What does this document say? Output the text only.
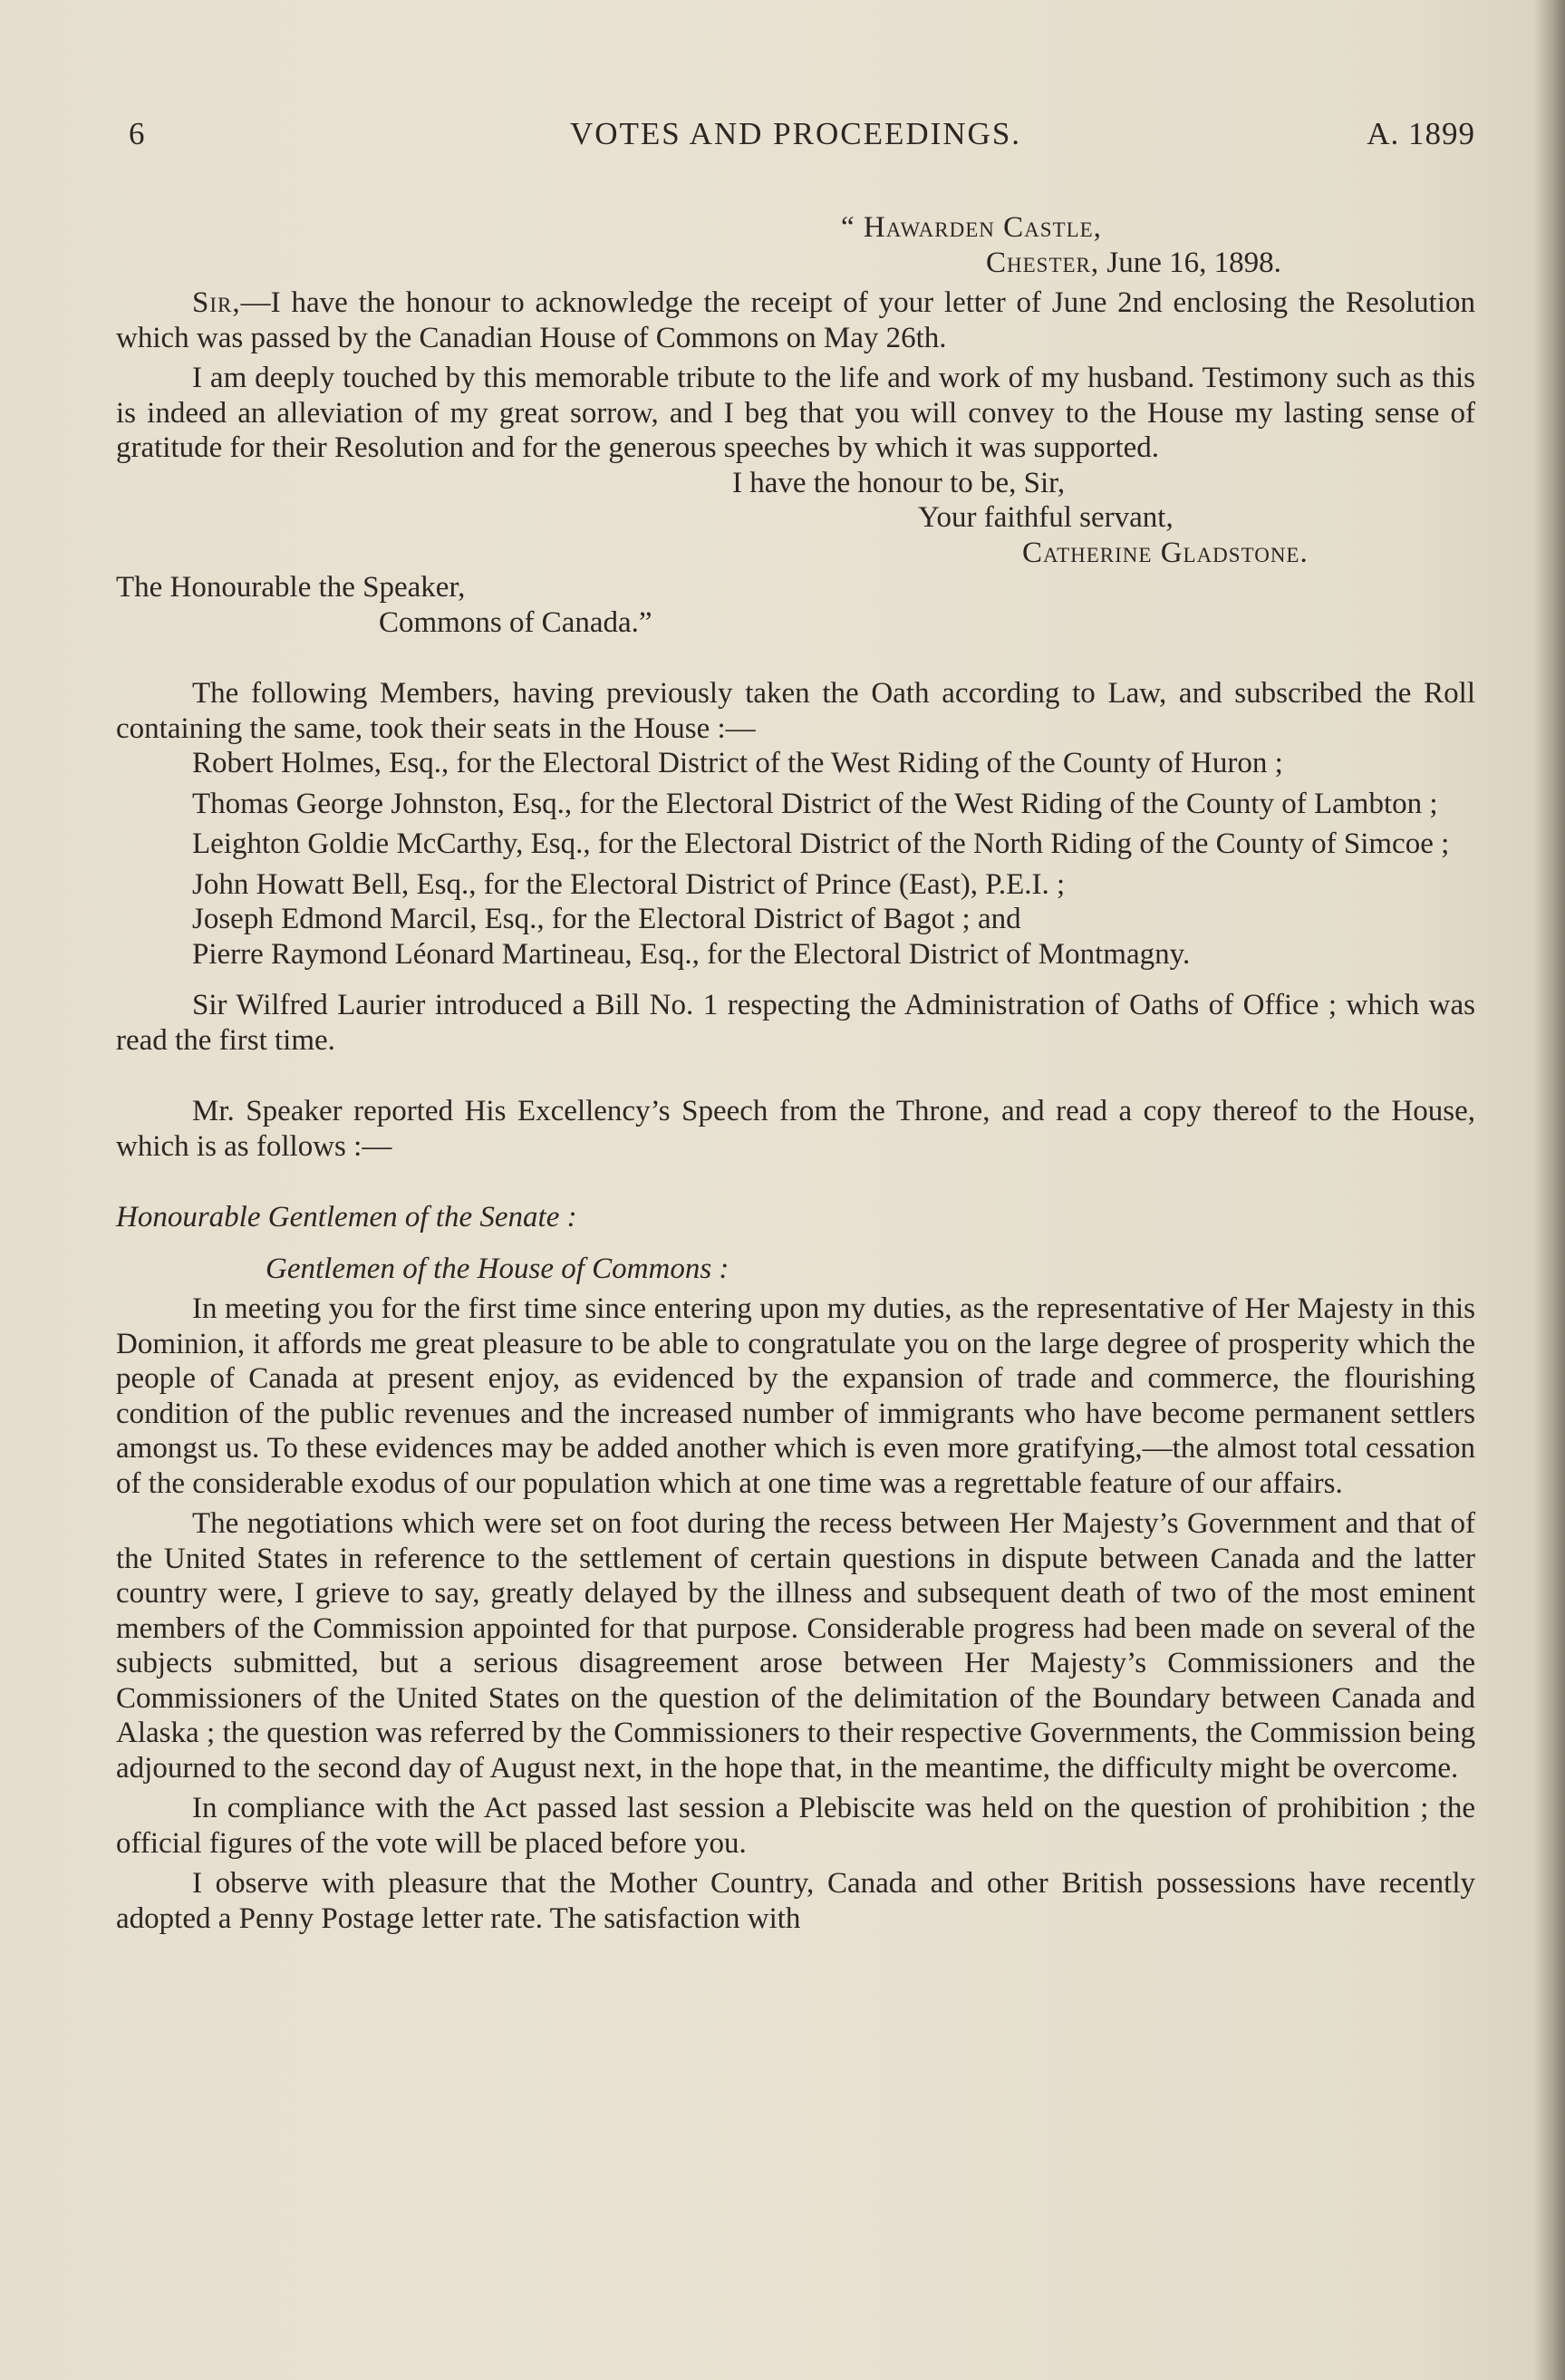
6	VOTES AND PROCEEDINGS.	A. 1899

“ Hawarden Castle,

Chester, June 16, 1898.

Sir,—I have the honour to acknowledge the receipt of your letter of June 2nd enclosing the Resolution which was passed by the Canadian House of Commons on May 26th.

I am deeply touched by this memorable tribute to the life and work of my husband. Testimony such as this is indeed an alleviation of my great sorrow, and I beg that you will convey to the House my lasting sense of gratitude for their Resolution and for the generous speeches by which it was supported.

I have the honour to be, Sir,

Your faithful servant,

Catherine Gladstone.

The Honourable the Speaker,

Commons of Canada.”

The following Members, having previously taken the Oath according to Law, and subscribed the Roll containing the same, took their seats in the House :—

Robert Holmes, Esq., for the Electoral District of the West Riding of the County of Huron ;

Thomas George Johnston, Esq., for the Electoral District of the West Riding of the County of Lambton ;

Leighton Goldie McCarthy, Esq., for the Electoral District of the North Riding of the County of Simcoe ;

John Howatt Bell, Esq., for the Electoral District of Prince (East), P.E.I. ;

Joseph Edmond Marcil, Esq., for the Electoral District of Bagot ; and

Pierre Raymond Léonard Martineau, Esq., for the Electoral District of Montmagny.

Sir Wilfred Laurier introduced a Bill No. 1 respecting the Administration of Oaths of Office ; which was read the first time.

Mr. Speaker reported His Excellency’s Speech from the Throne, and read a copy thereof to the House, which is as follows :—

Honourable Gentlemen of the Senate :

Gentlemen of the House of Commons :

In meeting you for the first time since entering upon my duties, as the representative of Her Majesty in this Dominion, it affords me great pleasure to be able to congratulate you on the large degree of prosperity which the people of Canada at present enjoy, as evidenced by the expansion of trade and commerce, the flourishing condition of the public revenues and the increased number of immigrants who have become permanent settlers amongst us. To these evidences may be added another which is even more gratifying,—the almost total cessation of the considerable exodus of our population which at one time was a regrettable feature of our affairs.

The negotiations which were set on foot during the recess between Her Majesty’s Government and that of the United States in reference to the settlement of certain questions in dispute between Canada and the latter country were, I grieve to say, greatly delayed by the illness and subsequent death of two of the most eminent members of the Commission appointed for that purpose. Considerable progress had been made on several of the subjects submitted, but a serious disagreement arose between Her Majesty’s Commissioners and the Commissioners of the United States on the question of the delimitation of the Boundary between Canada and Alaska ; the question was referred by the Commissioners to their respective Governments, the Commission being adjourned to the second day of August next, in the hope that, in the meantime, the difficulty might be overcome.

In compliance with the Act passed last session a Plebiscite was held on the question of prohibition ; the official figures of the vote will be placed before you.

I observe with pleasure that the Mother Country, Canada and other British possessions have recently adopted a Penny Postage letter rate. The satisfaction with
